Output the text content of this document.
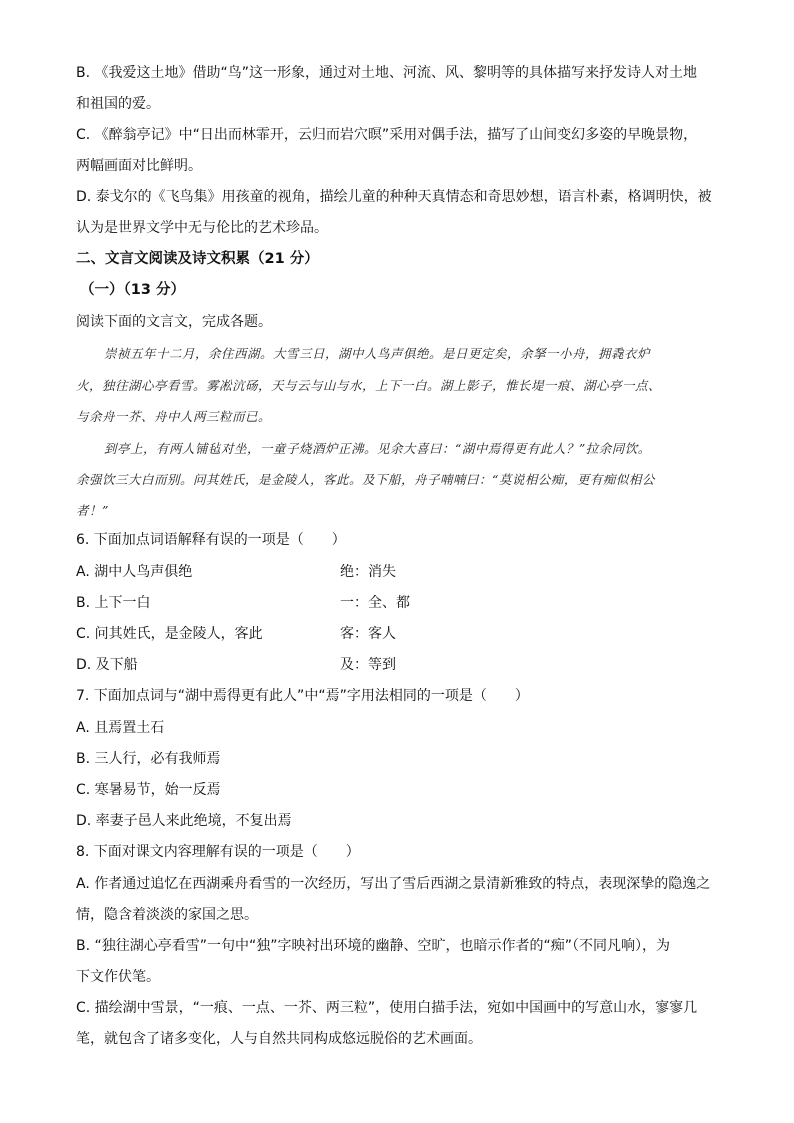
B. 《我爱这土地》借助“鸟”这一形象，通过对土地、河流、风、黎明等的具体描写来抒发诗人对土地
和祖国的爱。
C. 《醉翁亭记》中“日出而林霏开，云归而岩穴暝”采用对偶手法，描写了山间变幻多姿的早晚景物，
两幅画面对比鲜明。
D. 泰戈尔的《飞鸟集》用孩童的视角，描绘儿童的种种天真情态和奇思妙想，语言朴素，格调明快，被
认为是世界文学中无与伦比的艺术珍品。
二、文言文阅读及诗文积累（21 分）
（一）（13 分）
阅读下面的文言文，完成各题。
崇祯五年十二月，余住西湖。大雪三日，湖中人鸟声俱绝。是日更定矣，余拏一小舟，拥毳衣炉
火，独往湖心亭看雪。雾凇沆砀，天与云与山与水，上下一白。湖上影子，惟长堤一痕、湖心亭一点、
与余舟一芥、舟中人两三粒而已。
到亭上，有两人铺毡对坐，一童子烧酒炉正沸。见余大喜曰：“湖中焉得更有此人？”拉余同饮。
余强饮三大白而别。问其姓氏，是金陵人，客此。及下船，舟子喃喃曰：“莫说相公痴，更有痴似相公
者！”
6. 下面加点词语解释有误的一项是（　　）
A. 湖中人鸟声俱绝	绝：消失
B. 上下一白	一：全、都
C. 问其姓氏，是金陵人，客此	客：客人
D. 及下船	及：等到
7. 下面加点词与“湖中焉得更有此人”中“焉”字用法相同的一项是（　　）
A. 且焉置土石
B. 三人行，必有我师焉
C. 寒暑易节，始一反焉
D. 率妻子邑人来此绝境，不复出焉
8. 下面对课文内容理解有误的一项是（　　）
A. 作者通过追忆在西湖乘舟看雪的一次经历，写出了雪后西湖之景清新雅致的特点，表现深挚的隐逸之
情，隐含着淡淡的家国之思。
B. “独往湖心亭看雪”一句中“独”字映衬出环境的幽静、空旷，也暗示作者的“痴”（不同凡响），为
下文作伏笔。
C. 描绘湖中雪景，“一痕、一点、一芥、两三粒”，使用白描手法，宛如中国画中的写意山水，寥寥几
笔，就包含了诸多变化，人与自然共同构成悠远脱俗的艺术画面。
